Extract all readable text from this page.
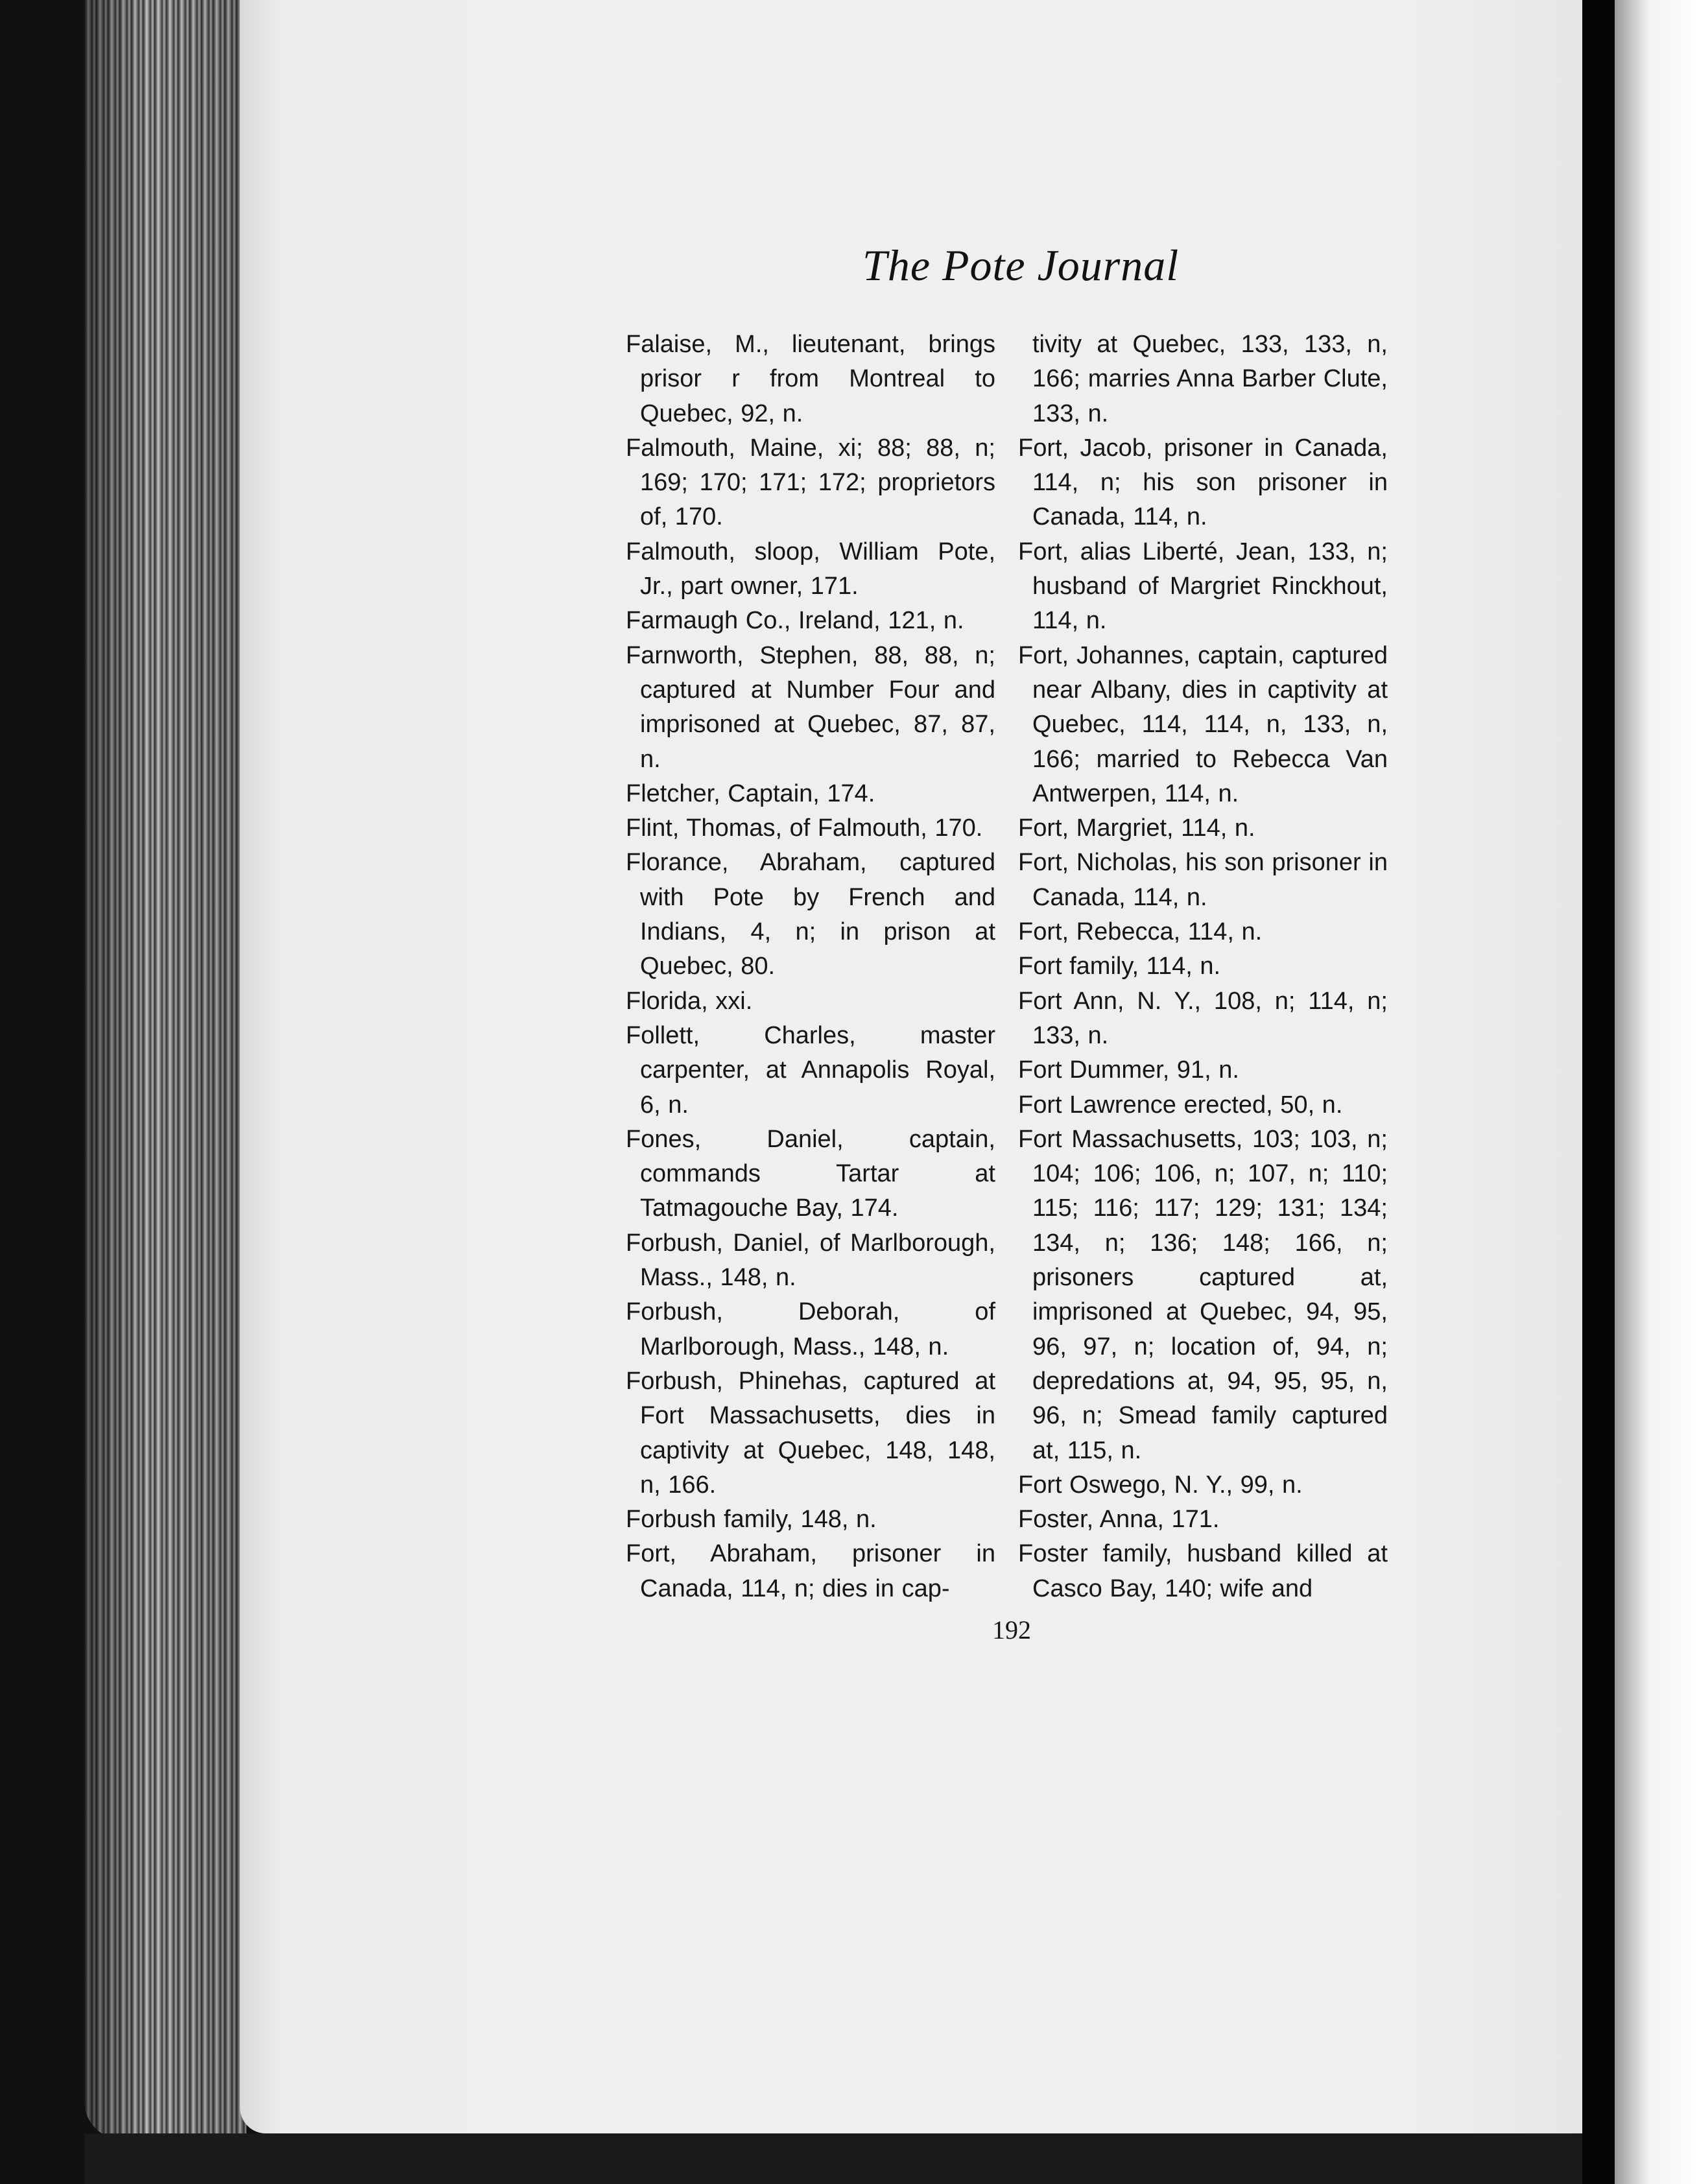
The Pote Journal

Falaise, M., lieutenant, brings prisor r from Montreal to Quebec, 92, n.

Falmouth, Maine, xi; 88; 88, n; 169; 170; 171; 172; proprietors of, 170.

Falmouth, sloop, William Pote, Jr., part owner, 171.

Farmaugh Co., Ireland, 121, n.

Farnworth, Stephen, 88, 88, n; captured at Number Four and imprisoned at Quebec, 87, 87, n.

Fletcher, Captain, 174.

Flint, Thomas, of Falmouth, 170.

Florance, Abraham, captured with Pote by French and Indians, 4, n; in prison at Quebec, 80.

Florida, xxi.

Follett, Charles, master carpenter, at Annapolis Royal, 6, n.

Fones, Daniel, captain, commands Tartar at Tatmagouche Bay, 174.

Forbush, Daniel, of Marlborough, Mass., 148, n.

Forbush, Deborah, of Marlborough, Mass., 148, n.

Forbush, Phinehas, captured at Fort Massachusetts, dies in captivity at Quebec, 148, 148, n, 166.

Forbush family, 148, n.

Fort, Abraham, prisoner in Canada, 114, n; dies in cap-

tivity at Quebec, 133, 133, n, 166; marries Anna Barber Clute, 133, n.

Fort, Jacob, prisoner in Canada, 114, n; his son prisoner in Canada, 114, n.

Fort, alias Liberté, Jean, 133, n; husband of Margriet Rinckhout, 114, n.

Fort, Johannes, captain, captured near Albany, dies in captivity at Quebec, 114, 114, n, 133, n, 166; married to Rebecca Van Antwerpen, 114, n.

Fort, Margriet, 114, n.

Fort, Nicholas, his son prisoner in Canada, 114, n.

Fort, Rebecca, 114, n.

Fort family, 114, n.

Fort Ann, N. Y., 108, n; 114, n; 133, n.

Fort Dummer, 91, n.

Fort Lawrence erected, 50, n.

Fort Massachusetts, 103; 103, n; 104; 106; 106, n; 107, n; 110; 115; 116; 117; 129; 131; 134; 134, n; 136; 148; 166, n; prisoners captured at, imprisoned at Quebec, 94, 95, 96, 97, n; location of, 94, n; depredations at, 94, 95, 95, n, 96, n; Smead family captured at, 115, n.

Fort Oswego, N. Y., 99, n.

Foster, Anna, 171.

Foster family, husband killed at Casco Bay, 140; wife and

192
